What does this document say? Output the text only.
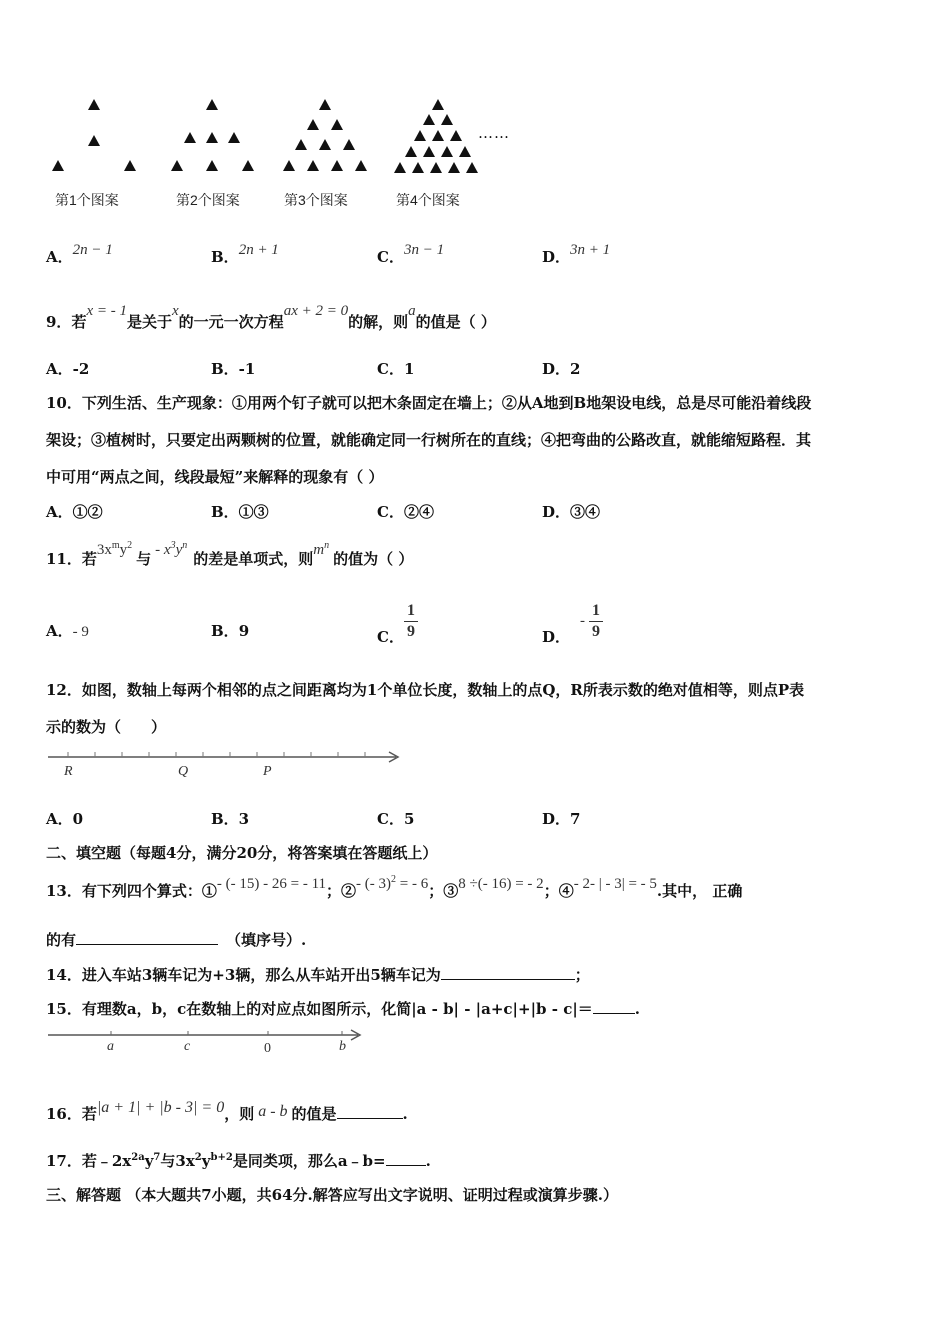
……
第1个图案	第2个图案	第3个图案	第4个图案
A．2n − 1	B．2n + 1	C．3n − 1	D．3n + 1
9．若x = - 1是关于x的一元一次方程ax + 2 = 0的解，则a的值是（ ）
A．-2	B．-1	C．1	D．2
10．下列生活、生产现象：①用两个钉子就可以把木条固定在墙上；②从A地到B地架设电线，总是尽可能沿着线段
架设；③植树时，只要定出两颗树的位置，就能确定同一行树所在的直线；④把弯曲的公路改直，就能缩短路程．其
中可用“两点之间，线段最短”来解释的现象有（ ）
A．①②	B．①③	C．②④	D．③④
11．若$3x^my^2$与 - $x^3y^n$的差是单项式，则$m^n$的值为（ ）
A．- 9	B．9	C． $\frac{1}{9}$	D．
- $\frac{1}{9}$
12．如图，数轴上每两个相邻的点之间距离均为1个单位长度，数轴上的点Q，R所表示数的绝对值相等，则点P表
示的数为（　　）
R	Q	P
A．0	B．3	C．5	D．7
二、填空题（每题4分，满分20分，将答案填在答题纸上）
13．有下列四个算式：①- (- 15) - 26 = - 11；②- (- 3)$^2$ = - 6；③8 ÷(- 16) = - 2；④- 2- | - 3| = - 5.其中， 正确
的有	（填序号）.
14．进入车站3辆车记为+3辆，那么从车站开出5辆车记为	；
15．有理数a，b，c在数轴上的对应点如图所示，化简|a - b| - |a+c|+|b - c|＝	.
a	c	0	b
16．若|a + 1| + |b - 3| = 0，则 a - b 的值是	.
17．若$﹣2x^{2a}y^7$与$3x^2y^{b+2}$是同类项，那么a﹣b=	.
三、解答题 （本大题共7小题，共64分.解答应写出文字说明、证明过程或演算步骤.）
